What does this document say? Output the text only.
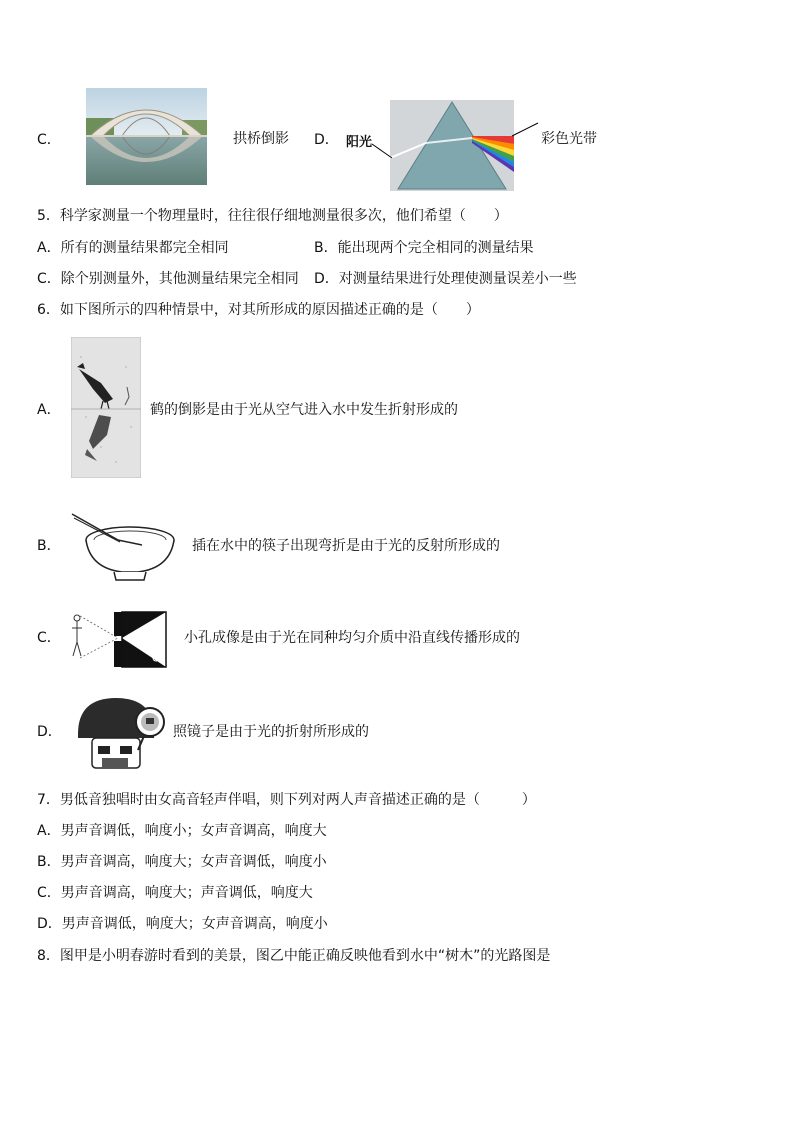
C．	拱桥倒影 D． 阳光	彩色光带
5．科学家测量一个物理量时，往往很仔细地测量很多次，他们希望（　　）
A．所有的测量结果都完全相同	B．能出现两个完全相同的测量结果
C．除个别测量外，其他测量结果完全相同 D．对测量结果进行处理使测量误差小一些
6．如下图所示的四种情景中，对其所形成的原因描述正确的是（　　）
A．	鹤的倒影是由于光从空气进入水中发生折射形成的
B．	插在水中的筷子出现弯折是由于光的反射所形成的
C．	小孔成像是由于光在同种均匀介质中沿直线传播形成的
D．	照镜子是由于光的折射所形成的
7．男低音独唱时由女高音轻声伴唱，则下列对两人声音描述正确的是（　　　）
A．男声音调低，响度小；女声音调高，响度大
B．男声音调高，响度大；女声音调低，响度小
C．男声音调高，响度大；声音调低，响度大
D．男声音调低，响度大；女声音调高，响度小
8．图甲是小明春游时看到的美景，图乙中能正确反映他看到水中“树木”的光路图是
